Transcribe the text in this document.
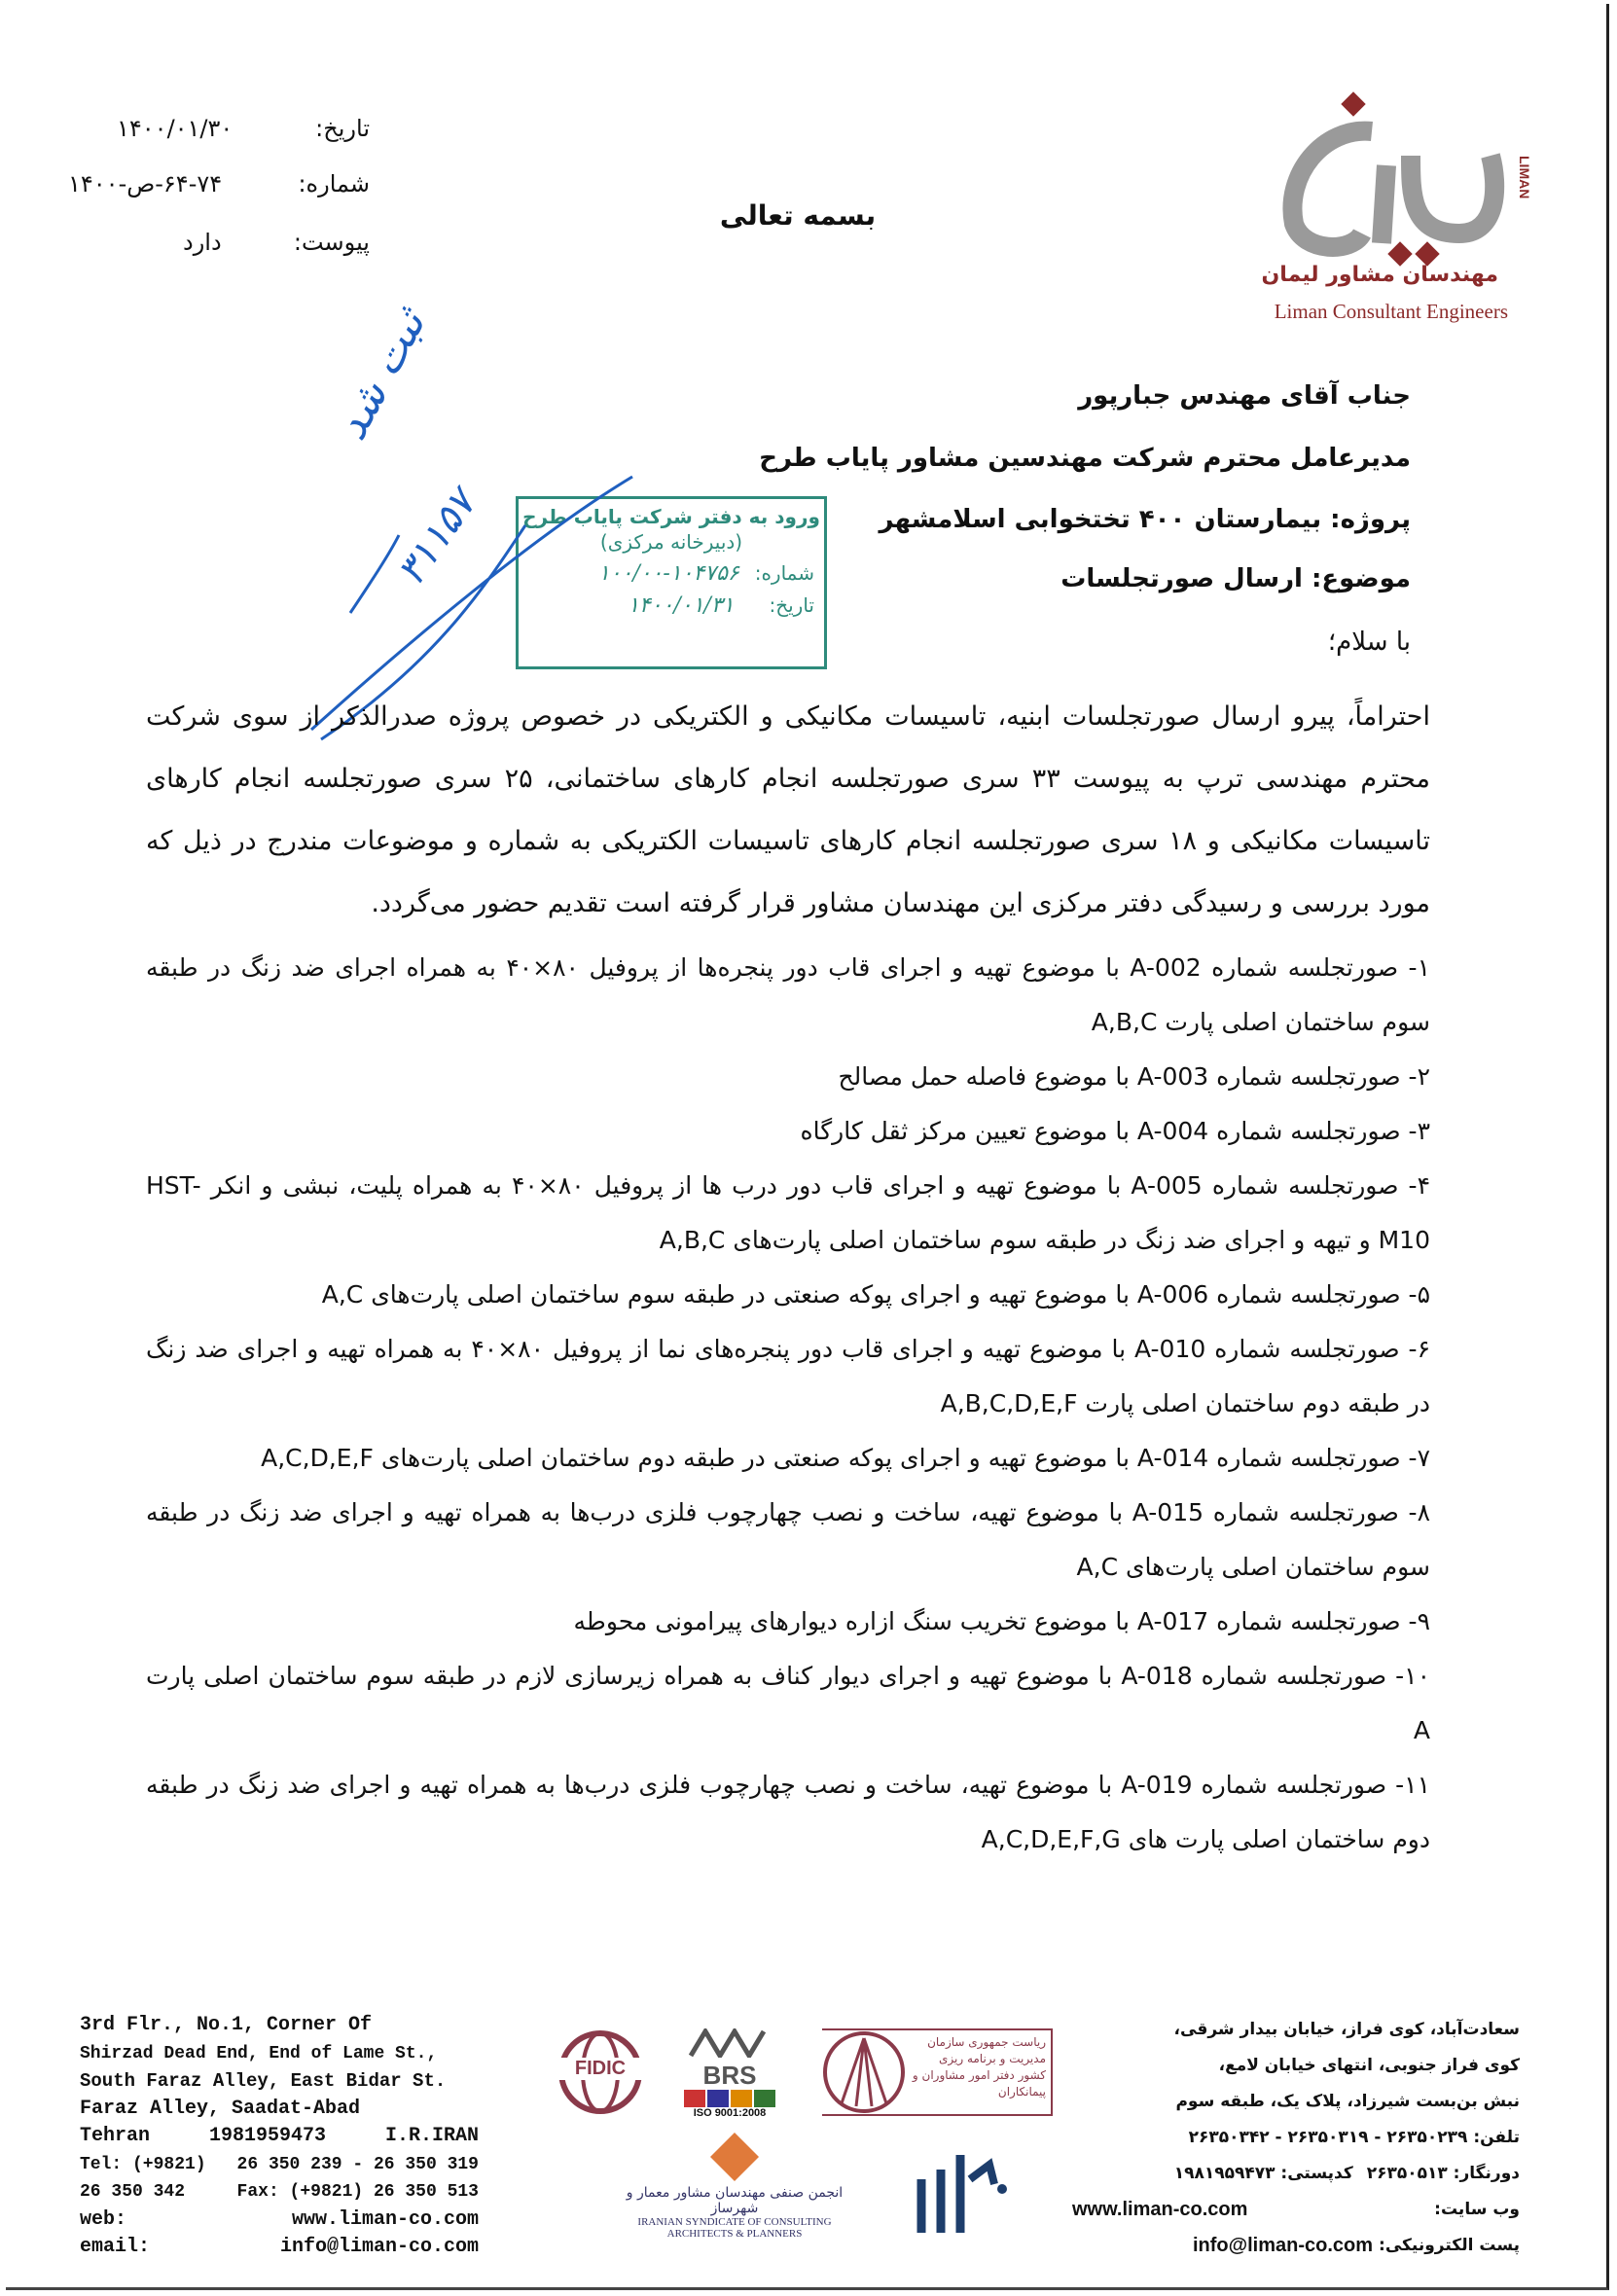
تاریخ:
۱۴۰۰/۰۱/۳۰
شماره:
۶۴-۷۴-ص-۱۴۰۰
پیوست:
دارد
بسمه تعالی
LIMAN
مهندسان مشاور لیمان
Liman Consultant Engineers
جناب آقای مهندس جبارپور
مدیرعامل محترم شرکت مهندسین مشاور پایاب طرح
پروژه: بیمارستان ۴۰۰ تختخوابی اسلامشهر
موضوع: ارسال صورتجلسات
با سلام؛
ورود به دفتر شرکت پایاب طرح
(دبیرخانه مرکزی)
شماره:
۱۰۰/۰۰-۱۰۴۷۵۶
تاریخ:
۱۴۰۰/۰۱/۳۱
ثبت شد
۳۱۱۵۷
احتراماً، پیرو ارسال صورتجلسات ابنیه، تاسیسات مکانیکی و الکتریکی در خصوص پروژه صدرالذکر از سوی شرکت محترم مهندسی ترپ به پیوست ۳۳ سری صورتجلسه انجام کارهای ساختمانی، ۲۵ سری صورتجلسه انجام کارهای تاسیسات مکانیکی و ۱۸ سری صورتجلسه انجام کارهای تاسیسات الکتریکی به شماره و موضوعات مندرج در ذیل که مورد بررسی و رسیدگی دفتر مرکزی این مهندسان مشاور قرار گرفته است تقدیم حضور می‌گردد.
۱- صورتجلسه شماره A-002 با موضوع تهیه و اجرای قاب دور پنجره‌ها از پروفیل ۸۰×۴۰ به همراه اجرای ضد زنگ در طبقه سوم ساختمان اصلی پارت A,B,C
۲- صورتجلسه شماره A-003 با موضوع فاصله حمل مصالح
۳- صورتجلسه شماره A-004 با موضوع تعیین مرکز ثقل کارگاه
۴- صورتجلسه شماره A-005 با موضوع تهیه و اجرای قاب دور درب ها از پروفیل ۸۰×۴۰ به همراه پلیت، نبشی و انکر HST-M10 و تیهه و اجرای ضد زنگ در طبقه سوم ساختمان اصلی پارت‌های A,B,C
۵- صورتجلسه شماره A-006 با موضوع تهیه و اجرای پوکه صنعتی در طبقه سوم ساختمان اصلی پارت‌های A,C
۶- صورتجلسه شماره A-010 با موضوع تهیه و اجرای قاب دور پنجره‌های نما از پروفیل ۸۰×۴۰ به همراه تهیه و اجرای ضد زنگ در طبقه دوم ساختمان اصلی پارت A,B,C,D,E,F
۷- صورتجلسه شماره A-014 با موضوع تهیه و اجرای پوکه صنعتی در طبقه دوم ساختمان اصلی پارت‌های A,C,D,E,F
۸- صورتجلسه شماره A-015 با موضوع تهیه، ساخت و نصب چهارچوب فلزی درب‌ها به همراه تهیه و اجرای ضد زنگ در طبقه سوم ساختمان اصلی پارت‌های A,C
۹- صورتجلسه شماره A-017 با موضوع تخریب سنگ ازاره دیوارهای پیرامونی محوطه
۱۰- صورتجلسه شماره A-018 با موضوع تهیه و اجرای دیوار کناف به همراه زیرسازی لازم در طبقه سوم ساختمان اصلی پارت A
۱۱- صورتجلسه شماره A-019 با موضوع تهیه، ساخت و نصب چهارچوب فلزی درب‌ها به همراه تهیه و اجرای ضد زنگ در طبقه دوم ساختمان اصلی پارت های A,C,D,E,F,G
3rd Flr., No.1, Corner Of
Shirzad Dead End, End of Lame St.,
South Faraz Alley, East Bidar St.
Faraz Alley, Saadat-Abad
Tehran	1981959473	I.R.IRAN
Tel: (+9821) 26 350 239 - 26 350 319
26 350 342	Fax: (+9821) 26 350 513
web:	www.liman-co.com
email:	info@liman-co.com
FIDIC	BRS
ISO 9001:2008
ریاست جمهوری سازمان مدیریت و برنامه ریزی کشور دفتر امور مشاوران و پیمانکاران
انجمن صنفی مهندسان مشاور معمار و شهرساز
IRANIAN SYNDICATE OF CONSULTING ARCHITECTS & PLANNERS
سعادت‌آباد، کوی فراز، خیابان بیدار شرقی،
کوی فراز جنوبی، انتهای خیابان لامع،
نبش بن‌بست شیرزاد، پلاک یک، طبقه سوم
تلفن: ۲۶۳۵۰۲۳۹ - ۲۶۳۵۰۳۱۹ - ۲۶۳۵۰۳۴۲
دورنگار: ۲۶۳۵۰۵۱۳
کدپستی: ۱۹۸۱۹۵۹۴۷۳
وب سایت:
www.liman-co.com
پست الکترونیکی:
info@liman-co.com
